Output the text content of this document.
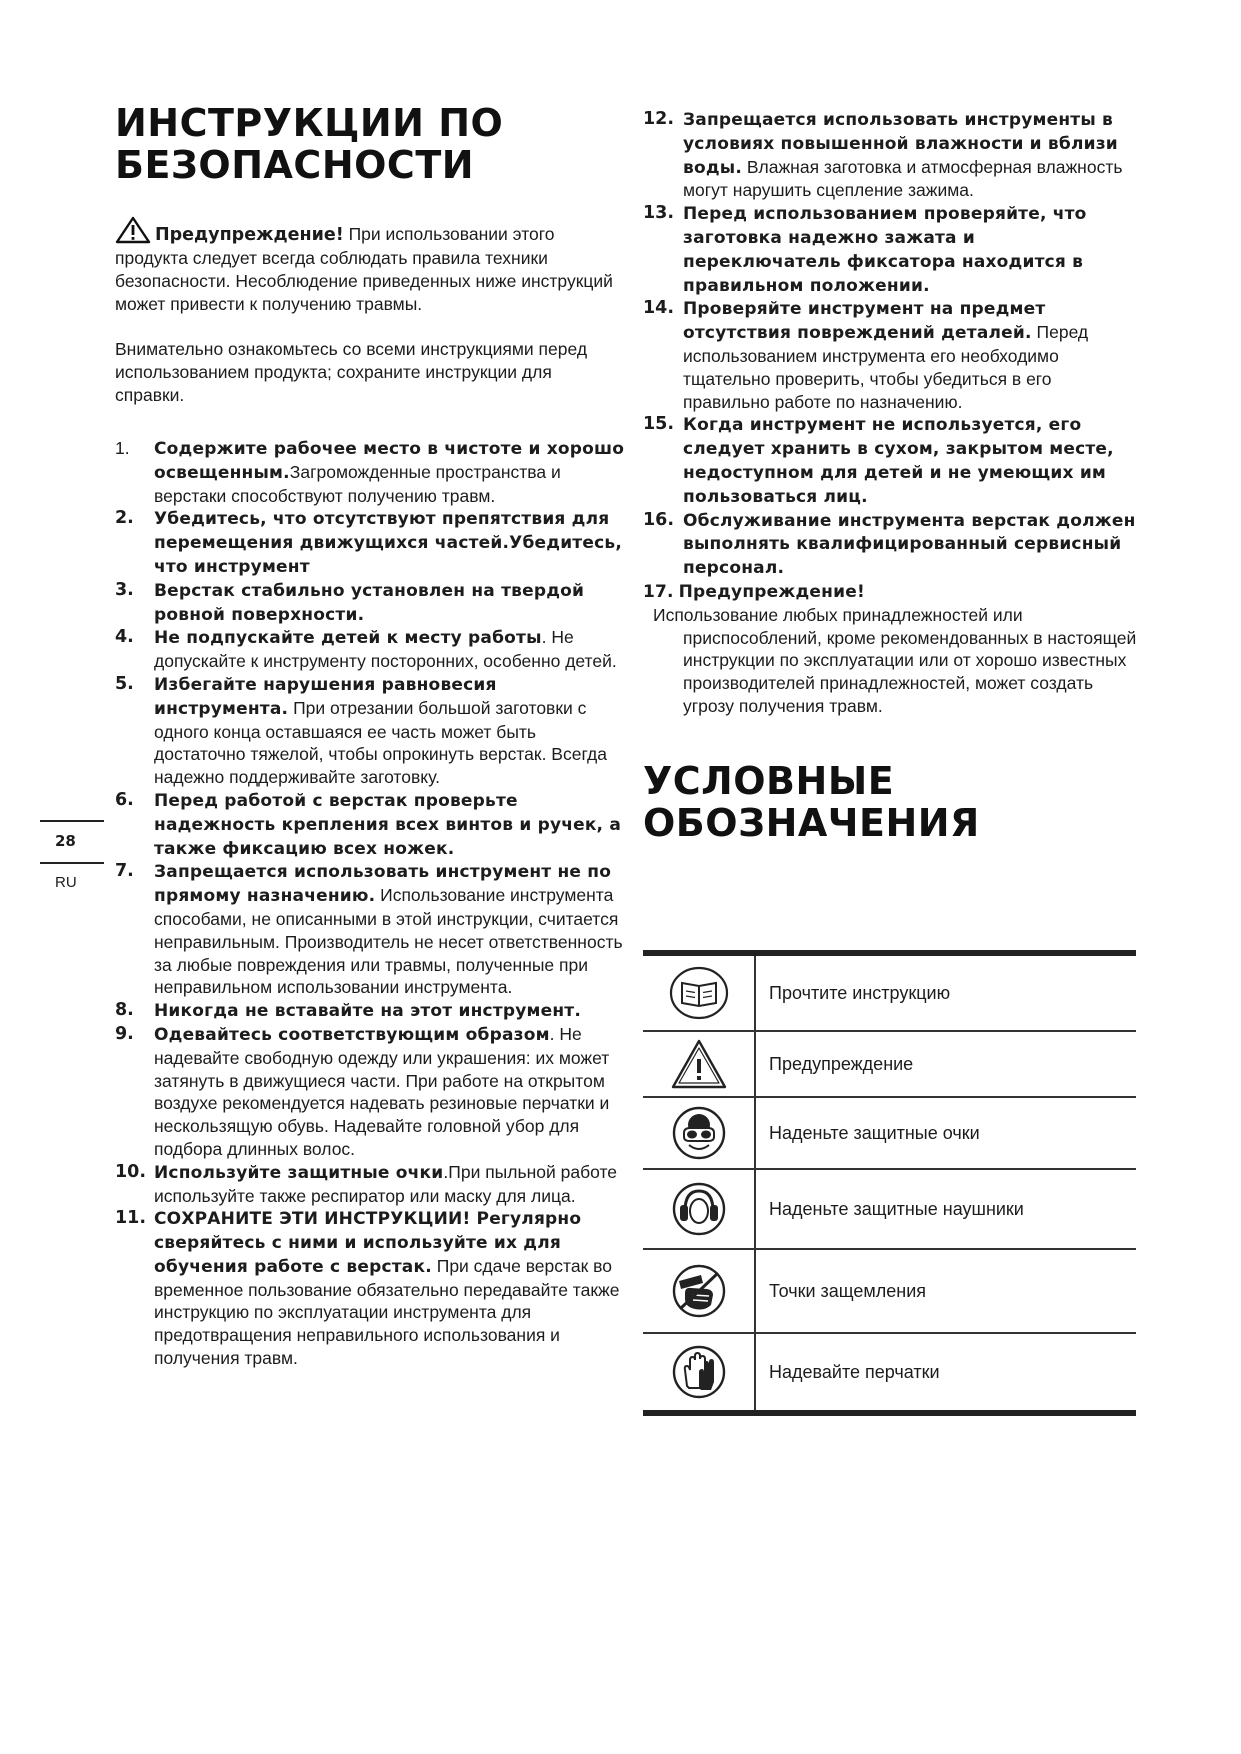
ИНСТРУКЦИИ ПО
БЕЗОПАСНОСТИ
Предупреждение! При использовании этого продукта следует всегда соблюдать правила техники безопасности. Несоблюдение приведенных ниже инструкций может привести к получению травмы.
Внимательно ознакомьтесь со всеми инструкциями перед использованием продукта; сохраните инструкции для справки.
1. Содержите рабочее место в чистоте и хорошо освещенным.Загроможденные пространства и верстаки способствуют получению травм.
2. Убедитесь, что отсутствуют препятствия для перемещения движущихся частей.Убедитесь, что инструмент
3. Верстак стабильно установлен на твердой ровной поверхности.
4. Не подпускайте детей к месту работы. Не допускайте к инструменту посторонних, особенно детей.
5. Избегайте нарушения равновесия инструмента. При отрезании большой заготовки с одного конца оставшаяся ее часть может быть достаточно тяжелой, чтобы опрокинуть верстак. Всегда надежно поддерживайте заготовку.
6. Перед работой с верстак проверьте надежность крепления всех винтов и ручек, а также фиксацию всех ножек.
7. Запрещается использовать инструмент не по прямому назначению. Использование инструмента способами, не описанными в этой инструкции, считается неправильным. Производитель не несет ответственность за любые повреждения или травмы, полученные при неправильном использовании инструмента.
8. Никогда не вставайте на этот инструмент.
9. Одевайтесь соответствующим образом. Не надевайте свободную одежду или украшения: их может затянуть в движущиеся части. При работе на открытом воздухе рекомендуется надевать резиновые перчатки и нескользящую обувь. Надевайте головной убор для подбора длинных волос.
10. Используйте защитные очки.При пыльной работе используйте также респиратор или маску для лица.
11. СОХРАНИТЕ ЭТИ ИНСТРУКЦИИ! Регулярно сверяйтесь с ними и используйте их для обучения работе с верстак. При сдаче верстак во временное пользование обязательно передавайте также инструкцию по эксплуатации инструмента для предотвращения неправильного использования и получения травм.
28
RU
12. Запрещается использовать инструменты в условиях повышенной влажности и вблизи воды. Влажная заготовка и атмосферная влажность могут нарушить сцепление зажима.
13. Перед использованием проверяйте, что заготовка надежно зажата и переключатель фиксатора находится в правильном положении.
14. Проверяйте инструмент на предмет отсутствия повреждений деталей. Перед использованием инструмента его необходимо тщательно проверить, чтобы убедиться в его правильно работе по назначению.
15. Когда инструмент не используется, его следует хранить в сухом, закрытом месте, недоступном для детей и не умеющих им пользоваться лиц.
16. Обслуживание инструмента верстак должен выполнять квалифицированный сервисный персонал.
17. Предупреждение!
Использование любых принадлежностей или
приспособлений, кроме рекомендованных в настоящей инструкции по эксплуатации или от хорошо известных производителей принадлежностей, может создать угрозу получения травм.
УСЛОВНЫЕ
ОБОЗНАЧЕНИЯ
	Прочтите инструкцию

	Предупреждение

	Наденьте защитные очки

	Наденьте защитные наушники

	Точки защемления

	Надевайте перчатки
